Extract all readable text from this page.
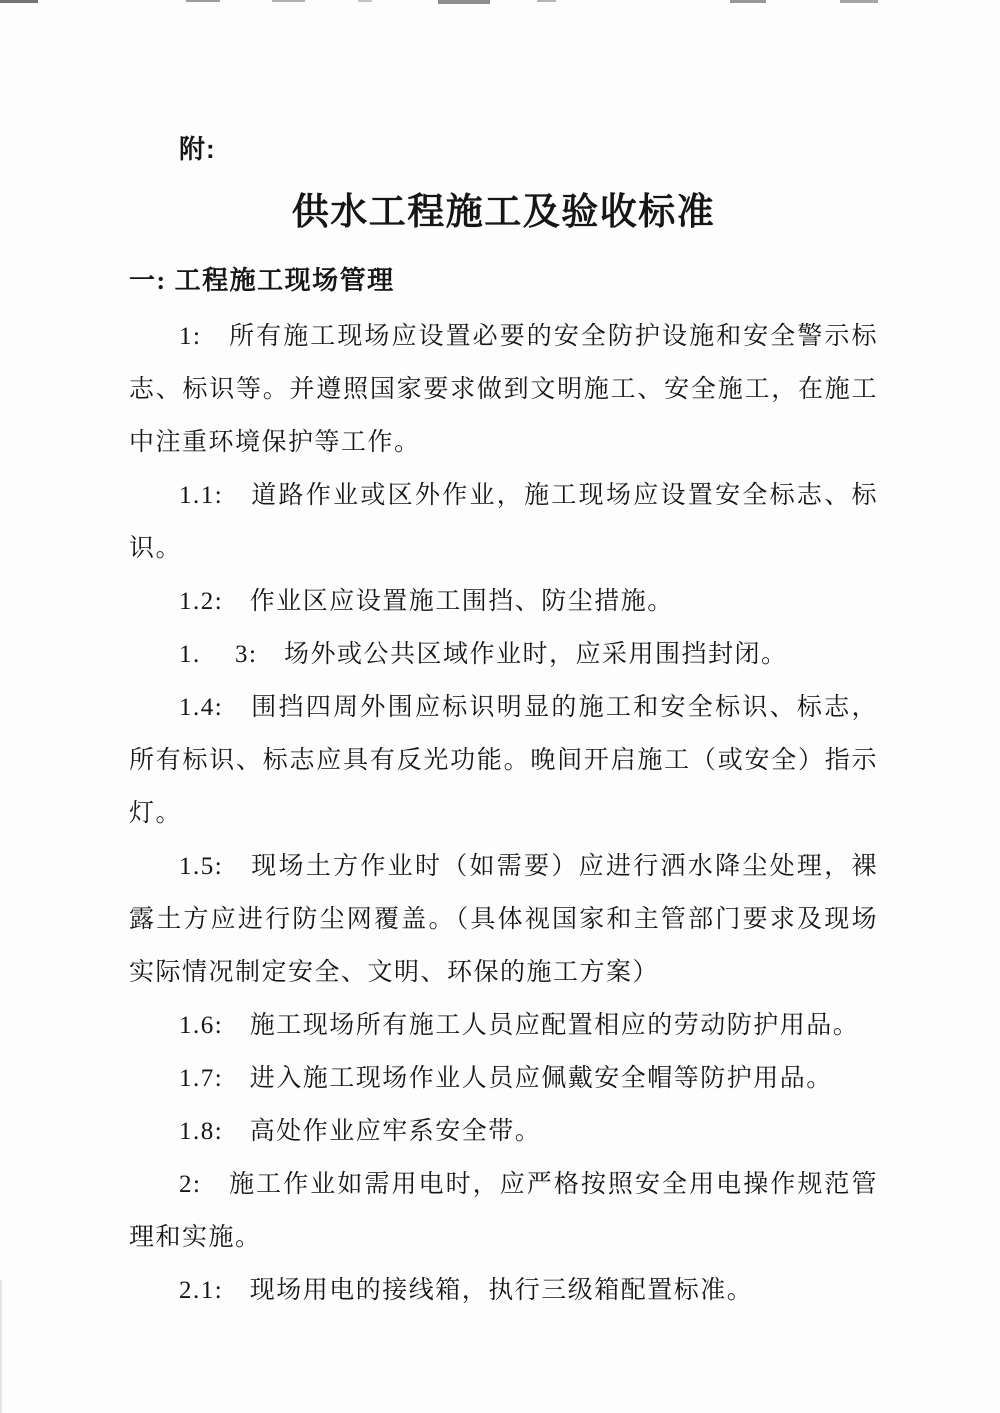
附:
供水工程施工及验收标准
一: 工程施工现场管理
1:　所有施工现场应设置必要的安全防护设施和安全警示标
志、标识等。并遵照国家要求做到文明施工、安全施工，在施工
中注重环境保护等工作。
1.1:　道路作业或区外作业，施工现场应设置安全标志、标
识。
1.2:　作业区应设置施工围挡、防尘措施。
1.　 3:　场外或公共区域作业时，应采用围挡封闭。
1.4:　围挡四周外围应标识明显的施工和安全标识、标志，
所有标识、标志应具有反光功能。晚间开启施工（或安全）指示
灯。
1.5:　现场土方作业时（如需要）应进行洒水降尘处理，裸
露土方应进行防尘网覆盖。（具体视国家和主管部门要求及现场
实际情况制定安全、文明、环保的施工方案）
1.6:　施工现场所有施工人员应配置相应的劳动防护用品。
1.7:　进入施工现场作业人员应佩戴安全帽等防护用品。
1.8:　高处作业应牢系安全带。
2:　施工作业如需用电时，应严格按照安全用电操作规范管
理和实施。
2.1:　现场用电的接线箱，执行三级箱配置标准。
